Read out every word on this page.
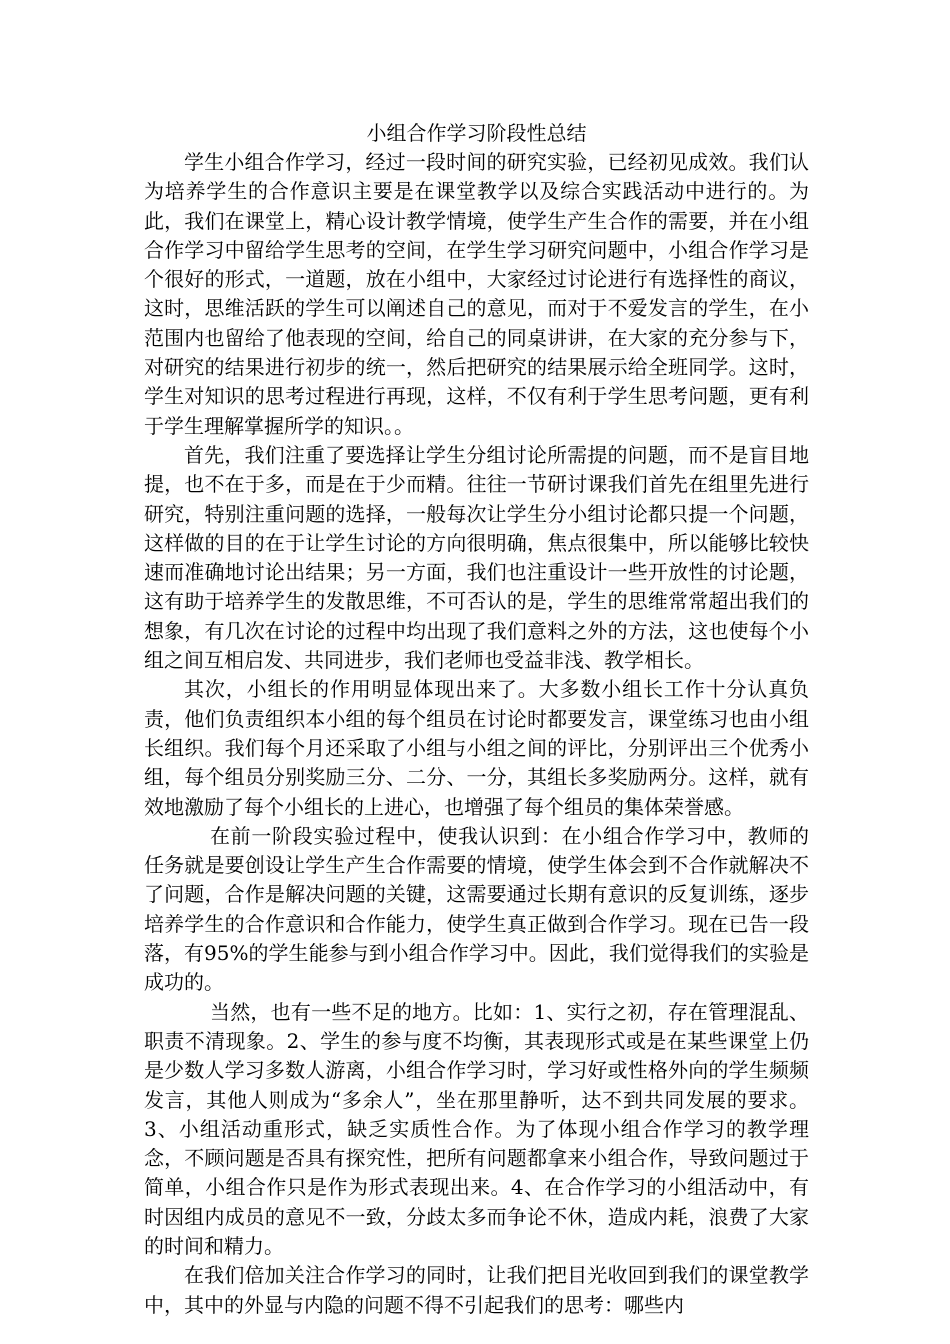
小组合作学习阶段性总结

学生小组合作学习，经过一段时间的研究实验，已经初见成效。我们认为培养学生的合作意识主要是在课堂教学以及综合实践活动中进行的。为此，我们在课堂上，精心设计教学情境，使学生产生合作的需要，并在小组合作学习中留给学生思考的空间，在学生学习研究问题中，小组合作学习是个很好的形式，一道题，放在小组中，大家经过讨论进行有选择性的商议，这时，思维活跃的学生可以阐述自己的意见，而对于不爱发言的学生，在小范围内也留给了他表现的空间，给自己的同桌讲讲，在大家的充分参与下，对研究的结果进行初步的统一，然后把研究的结果展示给全班同学。这时，学生对知识的思考过程进行再现，这样，不仅有利于学生思考问题，更有利于学生理解掌握所学的知识。。

首先，我们注重了要选择让学生分组讨论所需提的问题，而不是盲目地提，也不在于多，而是在于少而精。往往一节研讨课我们首先在组里先进行研究，特别注重问题的选择，一般每次让学生分小组讨论都只提一个问题，这样做的目的在于让学生讨论的方向很明确，焦点很集中，所以能够比较快速而准确地讨论出结果；另一方面，我们也注重设计一些开放性的讨论题，这有助于培养学生的发散思维，不可否认的是，学生的思维常常超出我们的想象，有几次在讨论的过程中均出现了我们意料之外的方法，这也使每个小组之间互相启发、共同进步，我们老师也受益非浅、教学相长。

其次，小组长的作用明显体现出来了。大多数小组长工作十分认真负责，他们负责组织本小组的每个组员在讨论时都要发言，课堂练习也由小组长组织。我们每个月还采取了小组与小组之间的评比，分别评出三个优秀小组，每个组员分别奖励三分、二分、一分，其组长多奖励两分。这样，就有效地激励了每个小组长的上进心，也增强了每个组员的集体荣誉感。

在前一阶段实验过程中，使我认识到：在小组合作学习中，教师的任务就是要创设让学生产生合作需要的情境，使学生体会到不合作就解决不了问题，合作是解决问题的关键，这需要通过长期有意识的反复训练，逐步培养学生的合作意识和合作能力，使学生真正做到合作学习。现在已告一段落，有95%的学生能参与到小组合作学习中。因此，我们觉得我们的实验是成功的。

当然，也有一些不足的地方。比如：1、实行之初，存在管理混乱、职责不清现象。2、学生的参与度不均衡，其表现形式或是在某些课堂上仍是少数人学习多数人游离，小组合作学习时，学习好或性格外向的学生频频发言，其他人则成为“多余人”，坐在那里静听，达不到共同发展的要求。3、小组活动重形式，缺乏实质性合作。为了体现小组合作学习的教学理念，不顾问题是否具有探究性，把所有问题都拿来小组合作，导致问题过于简单，小组合作只是作为形式表现出来。4、在合作学习的小组活动中，有时因组内成员的意见不一致，分歧太多而争论不休，造成内耗，浪费了大家的时间和精力。

在我们倍加关注合作学习的同时，让我们把目光收回到我们的课堂教学中，其中的外显与内隐的问题不得不引起我们的思考：哪些内
